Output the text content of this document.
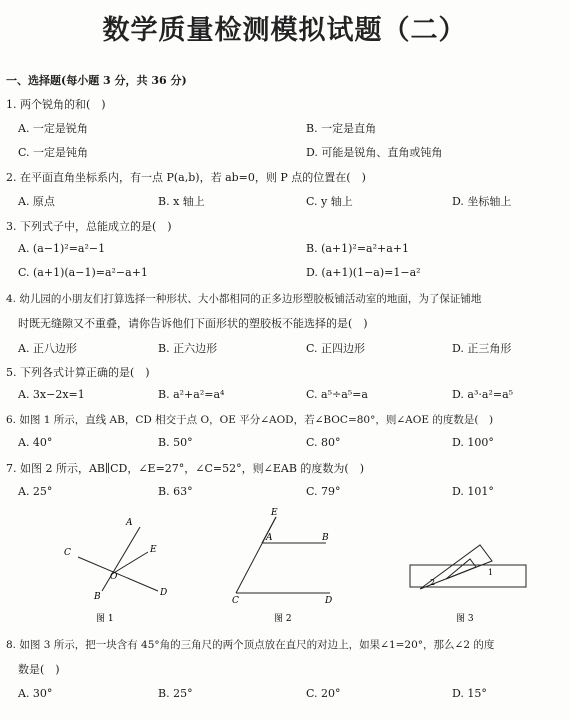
数学质量检测模拟试题（二）
一、选择题(每小题 3 分，共 36 分)
1. 两个锐角的和(　)
A. 一定是锐角	B. 一定是直角
C. 一定是钝角	D. 可能是锐角、直角或钝角
2. 在平面直角坐标系内，有一点 P(a,b)，若 ab=0，则 P 点的位置在(　)
A. 原点	B. x 轴上	C. y 轴上	D. 坐标轴上
3. 下列式子中，总能成立的是(　)
A. (a−1)²=a²−1	B. (a+1)²=a²+a+1
C. (a+1)(a−1)=a²−a+1	D. (a+1)(1−a)=1−a²
4. 幼儿园的小朋友们打算选择一种形状、大小都相同的正多边形塑胶板铺活动室的地面，为了保证铺地
时既无缝隙又不重叠，请你告诉他们下面形状的塑胶板不能选择的是(　)
A. 正八边形	B. 正六边形	C. 正四边形	D. 正三角形
5. 下列各式计算正确的是(　)
A. 3x−2x=1	B. a²+a²=a⁴	C. a⁵÷a⁵=a	D. a³·a²=a⁵
6. 如图 1 所示，直线 AB，CD 相交于点 O，OE 平分∠AOD，若∠BOC=80°，则∠AOE 的度数是(　)
A. 40°	B. 50°	C. 80°	D. 100°
7. 如图 2 所示，AB∥CD，∠E=27°，∠C=52°，则∠EAB 的度数为(　)
A. 25°	B. 63°	C. 79°	D. 101°
A
B
C
D
E
O
图 1
E
A	B
C	D
图 2
1
2
图 3
8. 如图 3 所示，把一块含有 45°角的三角尺的两个顶点放在直尺的对边上，如果∠1=20°，那么∠2 的度
数是(　)
A. 30°	B. 25°	C. 20°	D. 15°
